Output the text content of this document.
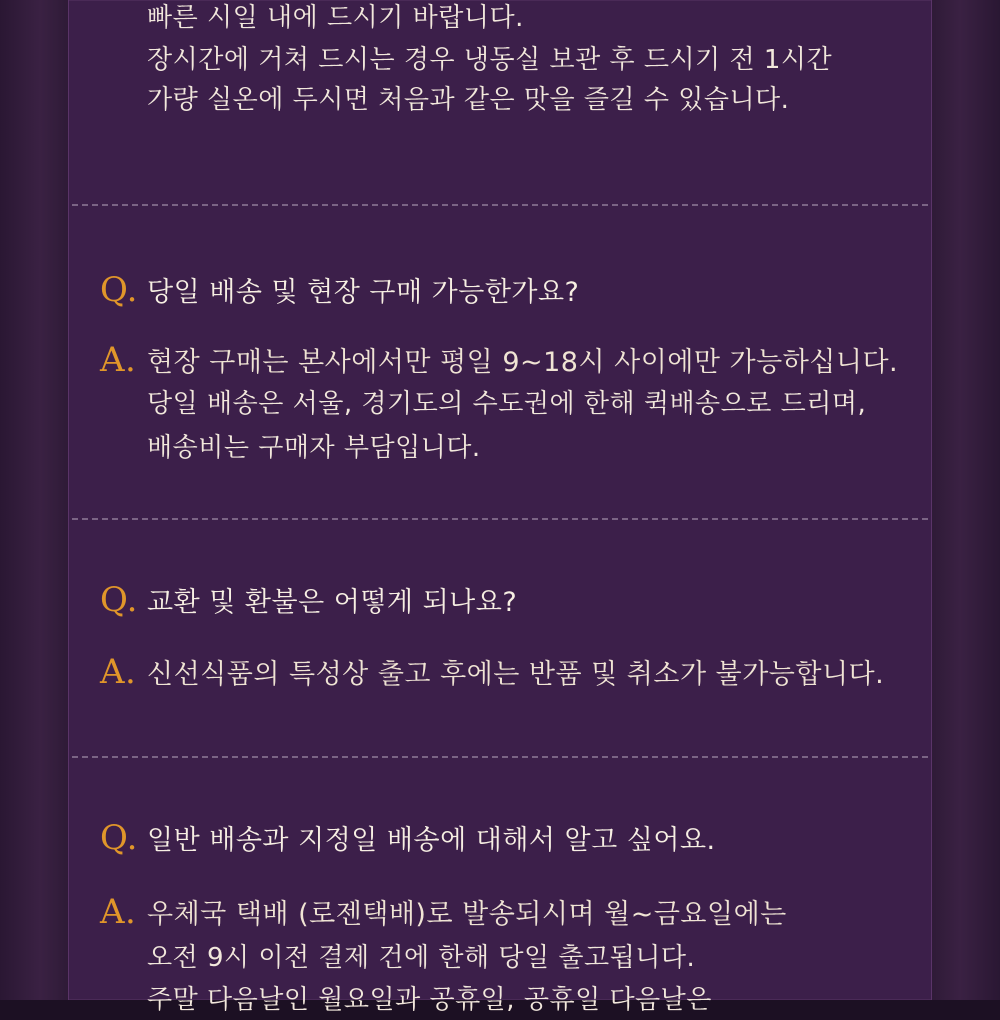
빠른 시일 내에 드시기 바랍니다.
장시간에 거쳐 드시는 경우 냉동실 보관 후 드시기 전 1시간
가량 실온에 두시면 처음과 같은 맛을 즐길 수 있습니다.
Q. 당일 배송 및 현장 구매 가능한가요?
A. 현장 구매는 본사에서만 평일 9~18시 사이에만 가능하십니다.
당일 배송은 서울, 경기도의 수도권에 한해 퀵배송으로 드리며,
배송비는 구매자 부담입니다.
Q. 교환 및 환불은 어떻게 되나요?
A. 신선식품의 특성상 출고 후에는 반품 및 취소가 불가능합니다.
Q. 일반 배송과 지정일 배송에 대해서 알고 싶어요.
A. 우체국 택배 (로젠택배)로 발송되시며 월~금요일에는
오전 9시 이전 결제 건에 한해 당일 출고됩니다.
주말 다음날인 월요일과 공휴일, 공휴일 다음날은
